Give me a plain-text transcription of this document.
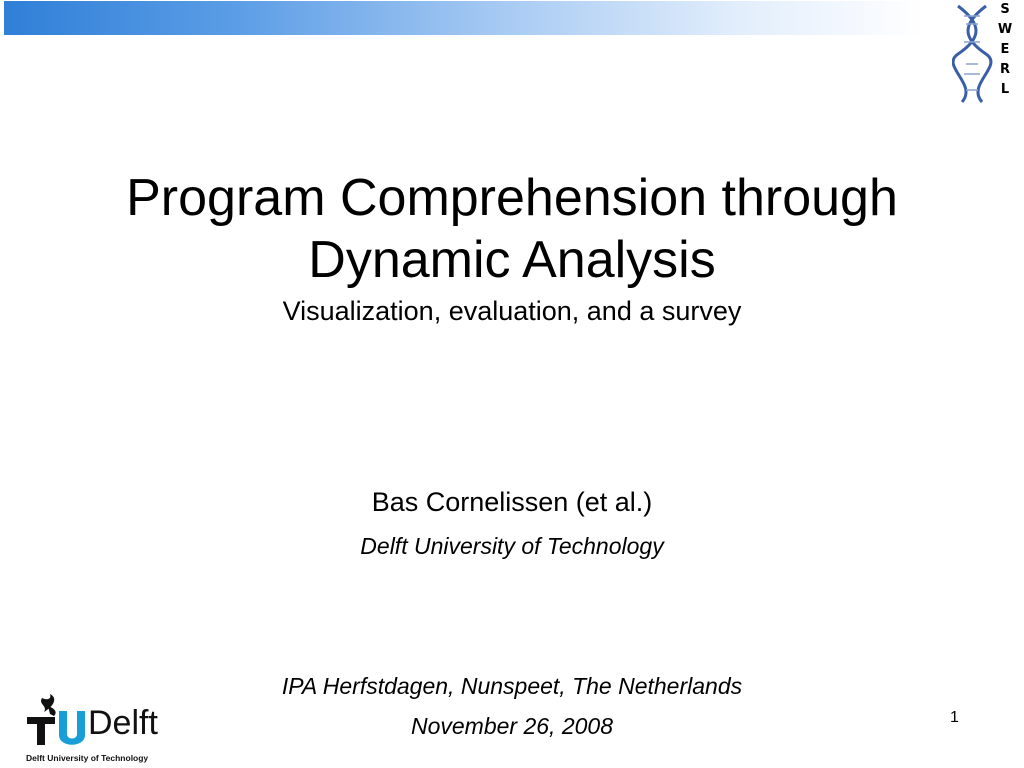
S
W
E
R
L
Program Comprehension through
Dynamic Analysis
Visualization, evaluation, and a survey
Bas Cornelissen (et al.)
Delft University of Technology
IPA Herfstdagen, Nunspeet, The Netherlands
November 26, 2008	1
Delft
Delft University of Technology
